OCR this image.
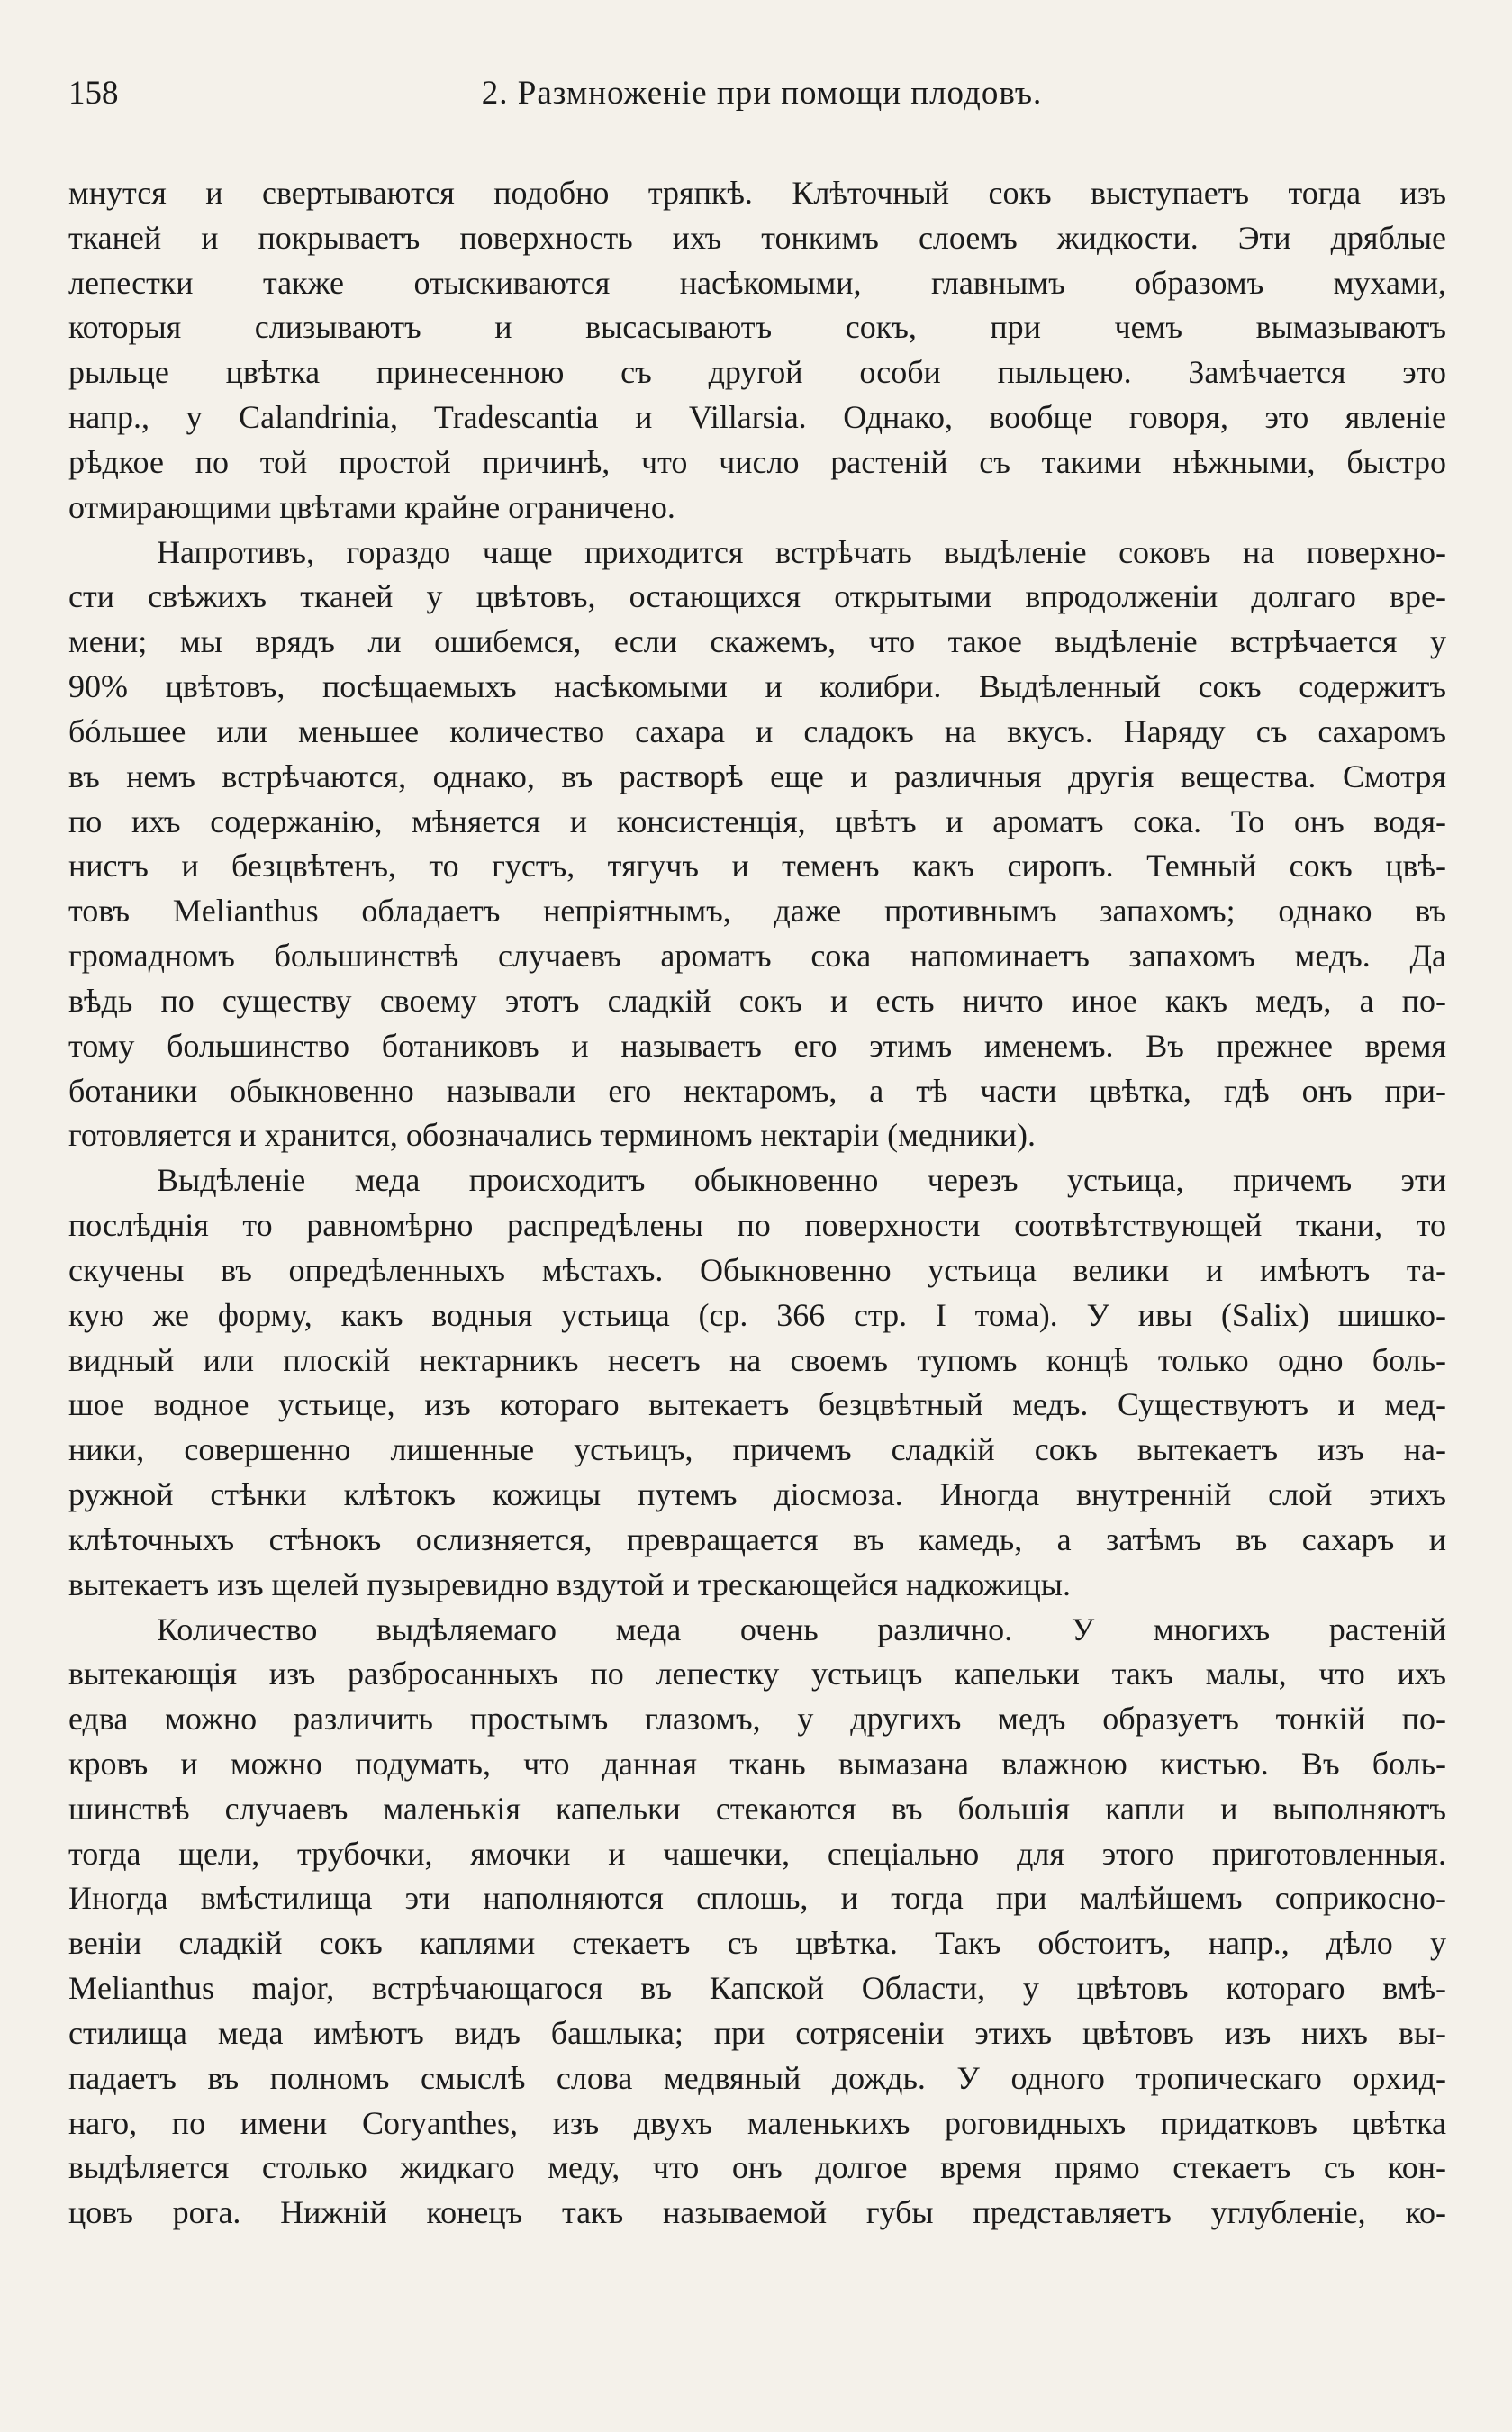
158	2. Размноженіе при помощи плодовъ.
мнутся и свертываются подобно тряпкѣ. Клѣточный сокъ выступаетъ тогда изъ
тканей и покрываетъ поверхность ихъ тонкимъ слоемъ жидкости. Эти дряблые
лепестки также отыскиваются насѣкомыми, главнымъ образомъ мухами,
которыя слизываютъ и высасываютъ сокъ, при чемъ вымазываютъ
рыльце цвѣтка принесенною съ другой особи пыльцею. Замѣчается это
напр., у Calandrinia, Tradescantia и Villarsia. Однако, вообще говоря, это явленіе
рѣдкое по той простой причинѣ, что число растеній съ такими нѣжными, быстро
отмирающими цвѣтами крайне ограничено.
Напротивъ, гораздо чаще приходится встрѣчать выдѣленіе соковъ на поверхно-
сти свѣжихъ тканей у цвѣтовъ, остающихся открытыми впродолженіи долгаго вре-
мени; мы врядъ ли ошибемся, если скажемъ, что такое выдѣленіе встрѣчается у
90% цвѣтовъ, посѣщаемыхъ насѣкомыми и колибри. Выдѣленный сокъ содержитъ
бóльшее или меньшее количество сахара и сладокъ на вкусъ. Наряду съ сахаромъ
въ немъ встрѣчаются, однако, въ растворѣ еще и различныя другія вещества. Смотря
по ихъ содержанію, мѣняется и консистенція, цвѣтъ и ароматъ сока. То онъ водя-
нистъ и безцвѣтенъ, то густъ, тягучъ и теменъ какъ сиропъ. Темный сокъ цвѣ-
товъ Melianthus обладаетъ непріятнымъ, даже противнымъ запахомъ; однако въ
громадномъ большинствѣ случаевъ ароматъ сока напоминаетъ запахомъ медъ. Да
вѣдь по существу своему этотъ сладкій сокъ и есть ничто иное какъ медъ, а по-
тому большинство ботаниковъ и называетъ его этимъ именемъ. Въ прежнее время
ботаники обыкновенно называли его нектаромъ, а тѣ части цвѣтка, гдѣ онъ при-
готовляется и хранится, обозначались терминомъ нектаріи (медники).
Выдѣленіе меда происходитъ обыкновенно черезъ устьица, причемъ эти
послѣднія то равномѣрно распредѣлены по поверхности соотвѣтствующей ткани, то
скучены въ опредѣленныхъ мѣстахъ. Обыкновенно устьица велики и имѣютъ та-
кую же форму, какъ водныя устьица (ср. 366 стр. I тома). У ивы (Salix) шишко-
видный или плоскій нектарникъ несетъ на своемъ тупомъ концѣ только одно боль-
шое водное устьице, изъ котораго вытекаетъ безцвѣтный медъ. Существуютъ и мед-
ники, совершенно лишенные устьицъ, причемъ сладкій сокъ вытекаетъ изъ на-
ружной стѣнки клѣтокъ кожицы путемъ діосмоза. Иногда внутренній слой этихъ
клѣточныхъ стѣнокъ ослизняется, превращается въ камедь, а затѣмъ въ сахаръ и
вытекаетъ изъ щелей пузыревидно вздутой и трескающейся надкожицы.
Количество выдѣляемаго меда очень различно. У многихъ растеній
вытекающія изъ разбросанныхъ по лепестку устьицъ капельки такъ малы, что ихъ
едва можно различить простымъ глазомъ, у другихъ медъ образуетъ тонкій по-
кровъ и можно подумать, что данная ткань вымазана влажною кистью. Въ боль-
шинствѣ случаевъ маленькія капельки стекаются въ большія капли и выполняютъ
тогда щели, трубочки, ямочки и чашечки, спеціально для этого приготовленныя.
Иногда вмѣстилища эти наполняются сплошь, и тогда при малѣйшемъ соприкосно-
веніи сладкій сокъ каплями стекаетъ съ цвѣтка. Такъ обстоитъ, напр., дѣло у
Melianthus major, встрѣчающагося въ Капской Области, у цвѣтовъ котораго вмѣ-
стилища меда имѣютъ видъ башлыка; при сотрясеніи этихъ цвѣтовъ изъ нихъ вы-
падаетъ въ полномъ смыслѣ слова медвяный дождь. У одного тропическаго орхид-
наго, по имени Coryanthes, изъ двухъ маленькихъ роговидныхъ придатковъ цвѣтка
выдѣляется столько жидкаго меду, что онъ долгое время прямо стекаетъ съ кон-
цовъ рога. Нижній конецъ такъ называемой губы представляетъ углубленіе, ко-
